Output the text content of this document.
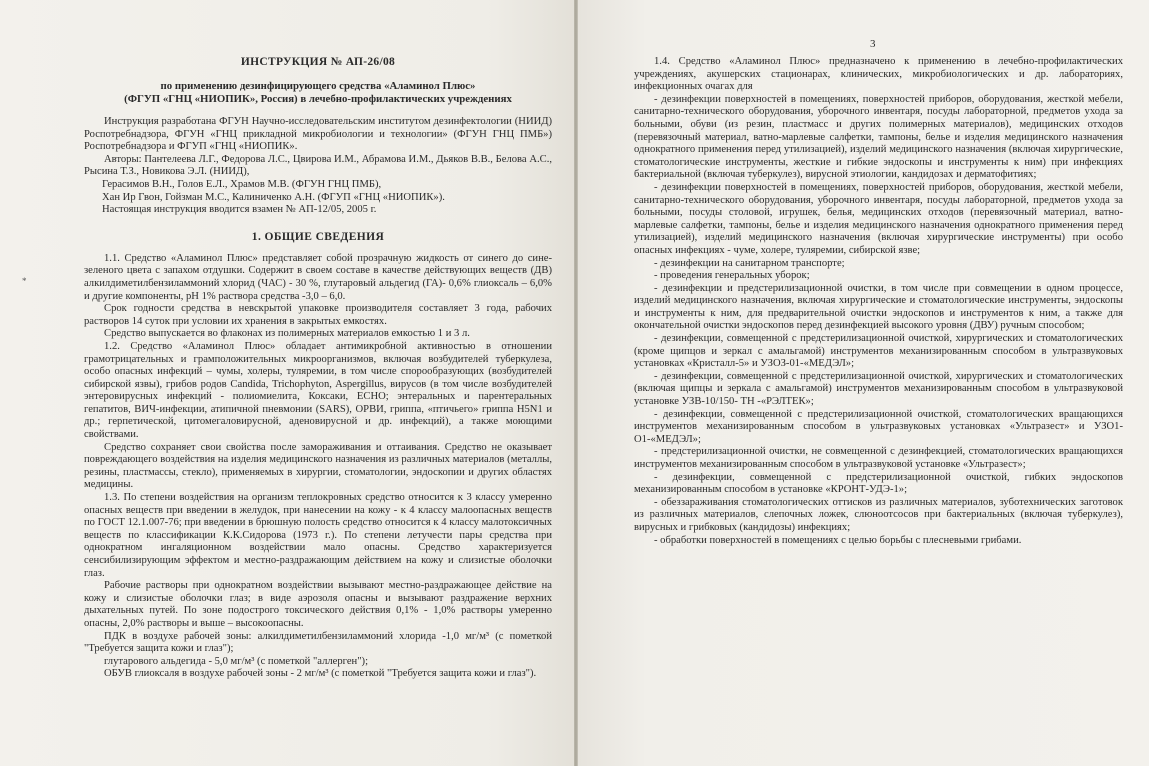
*
ИНСТРУКЦИЯ № АП-26/08

по применению дезинфицирующего средства «Аламинол Плюс»

(ФГУП «ГНЦ «НИОПИК», Россия) в лечебно-профилактических учреждениях

Инструкция разработана ФГУН Научно-исследовательским институтом дезинфектологии (НИИД) Роспотребнадзора, ФГУН «ГНЦ прикладной микробиологии и технологии» (ФГУН ГНЦ ПМБ») Роспотребнадзора и ФГУП «ГНЦ «НИОПИК».

Авторы: Пантелеева Л.Г., Федорова Л.С., Цвирова И.М., Абрамова И.М., Дьяков В.В., Белова А.С., Рысина Т.З., Новикова Э.Л. (НИИД),

Герасимов В.Н., Голов Е.Л., Храмов М.В. (ФГУН ГНЦ ПМБ),

Хан Ир Гвон, Гойзман М.С., Калиниченко А.Н. (ФГУП «ГНЦ «НИОПИК»).

Настоящая инструкция вводится взамен № АП-12/05, 2005 г.

1. ОБЩИЕ СВЕДЕНИЯ

1.1. Средство «Аламинол Плюс» представляет собой прозрачную жидкость от синего до сине-зеленого цвета с запахом отдушки. Содержит в своем составе в качестве действующих веществ (ДВ) алкилдиметилбензиламмоний хлорид (ЧАС) - 30 %, глутаровый альдегид (ГА)- 0,6% глиоксаль – 6,0% и другие компоненты, рН 1% раствора средства -3,0 – 6,0.

Срок годности средства в невскрытой упаковке производителя составляет 3 года, рабочих растворов 14 суток при условии их хранения в закрытых емкостях.

Средство выпускается во флаконах из полимерных материалов емкостью 1 и 3 л.

1.2. Средство «Аламинол Плюс» обладает антимикробной активностью в отношении грамотрицательных и грамположительных микроорганизмов, включая возбудителей туберкулеза, особо опасных инфекций – чумы, холеры, туляремии, в том числе спорообразующих (возбудителей сибирской язвы), грибов родов Candida, Trichophyton, Aspergillus, вирусов (в том числе возбудителей энтеровирусных инфекций - полиомиелита, Коксаки, ЕСНО; энтеральных и парентеральных гепатитов, ВИЧ-инфекции, атипичной пневмонии (SARS), ОРВИ, гриппа, «птичьего» гриппа H5N1 и др.; герпетической, цитомегаловирусной, аденовирусной и др. инфекций), а также моющими свойствами.

Средство сохраняет свои свойства после замораживания и оттаивания. Средство не оказывает повреждающего воздействия на изделия медицинского назначения из различных материалов (металлы, резины, пластмассы, стекло), применяемых в хирургии, стоматологии, эндоскопии и других областях медицины.

1.3. По степени воздействия на организм теплокровных средство относится к 3 классу умеренно опасных веществ при введении в желудок, при нанесении на кожу - к 4 классу малоопасных веществ по ГОСТ 12.1.007-76; при введении в брюшную полость средство относится к 4 классу малотоксичных веществ по классификации К.К.Сидорова (1973 г.). По степени летучести пары средства при однократном ингаляционном воздействии мало опасны. Средство характеризуется сенсибилизирующим эффектом и местно-раздражающим действием на кожу и слизистые оболочки глаз.

Рабочие растворы при однократном воздействии вызывают местно-раздражающее действие на кожу и слизистые оболочки глаз; в виде аэрозоля опасны и вызывают раздражение верхних дыхательных путей. По зоне подострого токсического действия 0,1% - 1,0% растворы умеренно опасны, 2,0% растворы и выше – высокоопасны.

ПДК в воздухе рабочей зоны: алкилдиметилбензиламмоний хлорида -1,0 мг/м³ (с пометкой "Требуется защита кожи и глаз");

глутарового альдегида - 5,0 мг/м³ (с пометкой "аллерген");

ОБУВ глиоксаля в воздухе рабочей зоны - 2 мг/м³ (с пометкой "Требуется защита кожи и глаз").

3

1.4. Средство «Аламинол Плюс» предназначено к применению в лечебно-профилактических учреждениях, акушерских стационарах, клинических, микробиологических и др. лабораториях, инфекционных очагах для

- дезинфекции поверхностей в помещениях, поверхностей приборов, оборудования, жесткой мебели, санитарно-технического оборудования, уборочного инвентаря, посуды лабораторной, предметов ухода за больными, обуви (из резин, пластмасс и других полимерных материалов), медицинских отходов (перевязочный материал, ватно-марлевые салфетки, тампоны, белье и изделия медицинского назначения однократного применения перед утилизацией), изделий медицинского назначения (включая хирургические, стоматологические инструменты, жесткие и гибкие эндоскопы и инструменты к ним) при инфекциях бактериальной (включая туберкулез), вирусной этиологии, кандидозах и дерматофитиях;

- дезинфекции поверхностей в помещениях, поверхностей приборов, оборудования, жесткой мебели, санитарно-технического оборудования, уборочного инвентаря, посуды лабораторной, предметов ухода за больными, посуды столовой, игрушек, белья, медицинских отходов (перевязочный материал, ватно-марлевые салфетки, тампоны, белье и изделия медицинского назначения однократного применения перед утилизацией), изделий медицинского назначения (включая хирургические инструменты) при особо опасных инфекциях - чуме, холере, туляремии, сибирской язве;

- дезинфекции на санитарном транспорте;

- проведения генеральных уборок;

- дезинфекции и предстерилизационной очистки, в том числе при совмещении в одном процессе, изделий медицинского назначения, включая хирургические и стоматологические инструменты, эндоскопы и инструменты к ним, для предварительной очистки эндоскопов и инструментов к ним, а также для окончательной очистки эндоскопов перед дезинфекцией высокого уровня (ДВУ) ручным способом;

- дезинфекции, совмещенной с предстерилизационной очисткой, хирургических и стоматологических (кроме щипцов и зеркал с амальгамой) инструментов механизированным способом в ультразвуковых установках «Кристалл-5» и УЗОЗ-01-«МЕДЭЛ»;

- дезинфекции, совмещенной с предстерилизационной очисткой, хирургических и стоматологических (включая щипцы и зеркала с амальгамой) инструментов механизированным способом в ультразвуковой установке УЗВ-10/150- ТН -«РЭЛТЕК»;

- дезинфекции, совмещенной с предстерилизационной очисткой, стоматологических вращающихся инструментов механизированным способом в ультразвуковых установках «Ультразест» и УЗО1-О1-«МЕДЭЛ»;

- предстерилизационной очистки, не совмещенной с дезинфекцией, стоматологических вращающихся инструментов механизированным способом в ультразвуковой установке «Ультразест»;

- дезинфекции, совмещенной с предстерилизационной очисткой, гибких эндоскопов механизированным способом в установке «КРОНТ-УДЭ-1»;

- обеззараживания стоматологических оттисков из различных материалов, зуботехнических заготовок из различных материалов, слепочных ложек, слюноотсосов при бактериальных (включая туберкулез), вирусных и грибковых (кандидозы) инфекциях;

- обработки поверхностей в помещениях с целью борьбы с плесневыми грибами.
